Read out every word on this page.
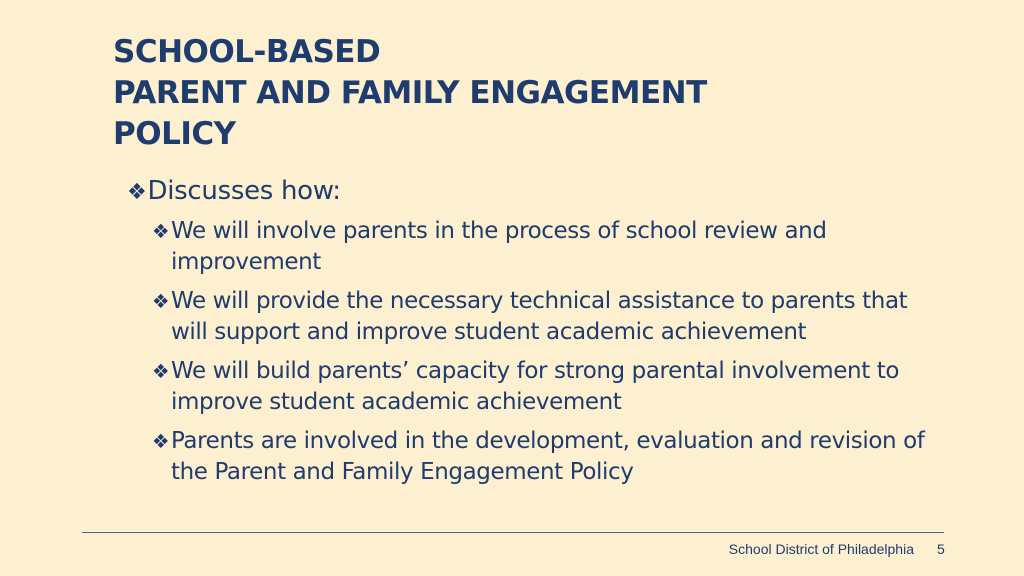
SCHOOL-BASED
PARENT AND FAMILY ENGAGEMENT
POLICY
❖ Discusses how:
❖ We will involve parents in the process of school review and improvement
❖ We will provide the necessary technical assistance to parents that will support and improve student academic achievement
❖ We will build parents’ capacity for strong parental involvement to improve student academic achievement
❖ Parents are involved in the development, evaluation and revision of the Parent and Family Engagement Policy
School District of Philadelphia 5
